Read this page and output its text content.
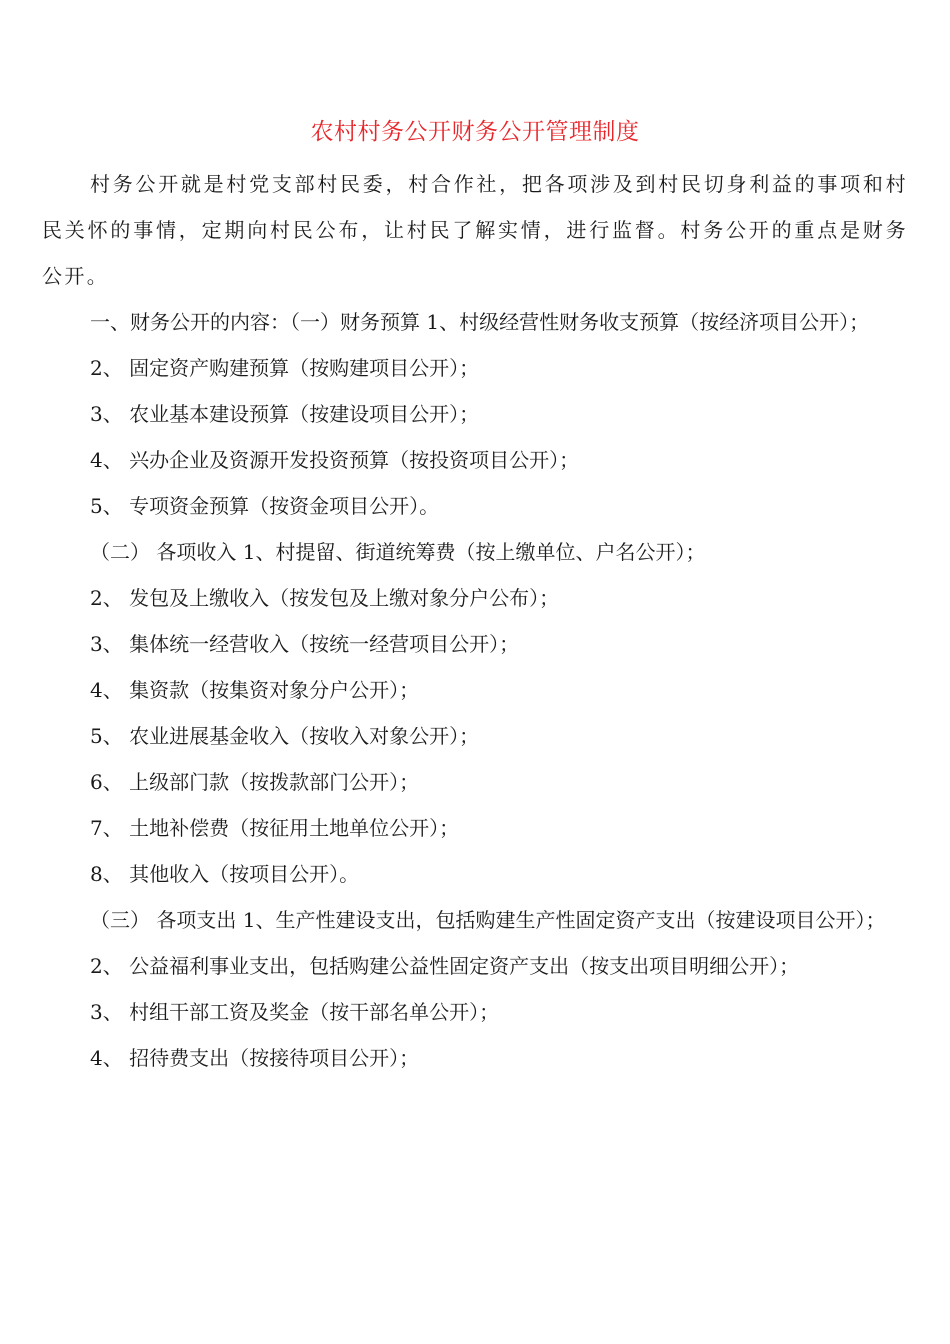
农村村务公开财务公开管理制度

村务公开就是村党支部村民委，村合作社，把各项涉及到村民切身利益的事项和村民关怀的事情，定期向村民公布，让村民了解实情，进行监督。村务公开的重点是财务公开。

一、财务公开的内容：（一）财务预算 1、村级经营性财务收支预算（按经济项目公开）；

2、 固定资产购建预算（按购建项目公开）；

3、 农业基本建设预算（按建设项目公开）；

4、 兴办企业及资源开发投资预算（按投资项目公开）；

5、 专项资金预算（按资金项目公开）。

（二） 各项收入 1、村提留、街道统筹费（按上缴单位、户名公开）；

2、 发包及上缴收入（按发包及上缴对象分户公布）；

3、 集体统一经营收入（按统一经营项目公开）；

4、 集资款（按集资对象分户公开）；

5、 农业进展基金收入（按收入对象公开）；

6、 上级部门款（按拨款部门公开）；

7、 土地补偿费（按征用土地单位公开）；

8、 其他收入（按项目公开）。

（三） 各项支出 1、生产性建设支出，包括购建生产性固定资产支出（按建设项目公开）；

2、 公益福利事业支出，包括购建公益性固定资产支出（按支出项目明细公开）；

3、 村组干部工资及奖金（按干部名单公开）；

4、 招待费支出（按接待项目公开）；
